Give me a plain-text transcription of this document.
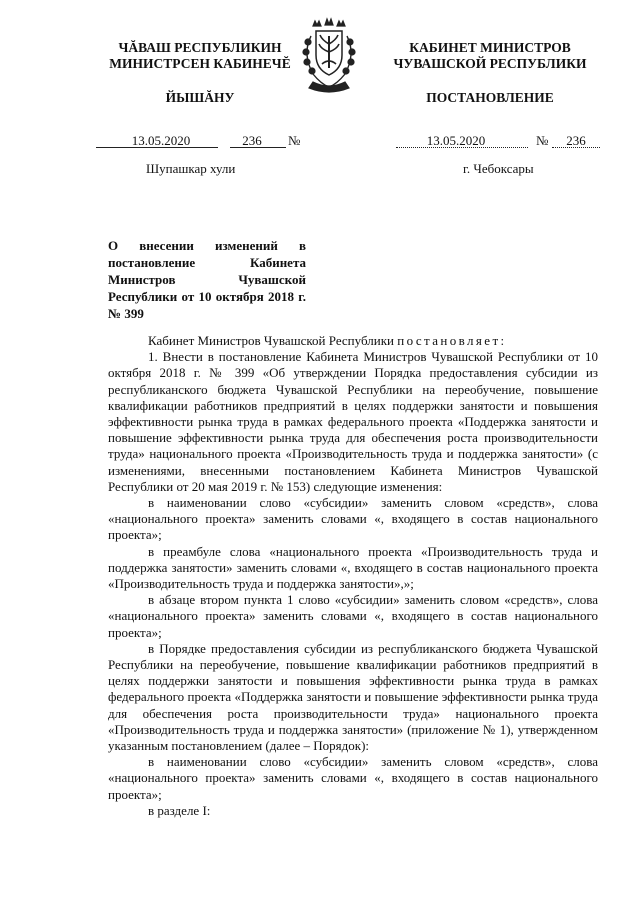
ЧĂВАШ РЕСПУБЛИКИН
МИНИСТРСЕН КАБИНЕЧĔ
ЙЫШĂНУ
КАБИНЕТ МИНИСТРОВ
ЧУВАШСКОЙ РЕСПУБЛИКИ
ПОСТАНОВЛЕНИЕ
13.05.2020	236	№	13.05.2020	№	236
Шупашкар хули	г. Чебоксары
О внесении изменений в постановление Кабинета Министров Чувашской Республики от 10 октября 2018 г. № 399

Кабинет Министров Чувашской Республики постановляет:

1. Внести в постановление Кабинета Министров Чувашской Республики от 10 октября 2018 г. № 399 «Об утверждении Порядка предоставления субсидии из республиканского бюджета Чувашской Республики на переобучение, повышение квалификации работников предприятий в целях поддержки занятости и повышения эффективности рынка труда в рамках федерального проекта «Поддержка занятости и повышение эффективности рынка труда для обеспечения роста производительности труда» национального проекта «Производительность труда и поддержка занятости» (с изменениями, внесенными постановлением Кабинета Министров Чувашской Республики от 20 мая 2019 г. № 153) следующие изменения:

в наименовании слово «субсидии» заменить словом «средств», слова «национального проекта» заменить словами «, входящего в состав национального проекта»;

в преамбуле слова «национального проекта «Производительность труда и поддержка занятости» заменить словами «, входящего в состав национального проекта «Производительность труда и поддержка занятости»,»;

в абзаце втором пункта 1 слово «субсидии» заменить словом «средств», слова «национального проекта» заменить словами «, входящего в состав национального проекта»;

в Порядке предоставления субсидии из республиканского бюджета Чувашской Республики на переобучение, повышение квалификации работников предприятий в целях поддержки занятости и повышения эффективности рынка труда в рамках федерального проекта «Поддержка занятости и повышение эффективности рынка труда для обеспечения роста производительности труда» национального проекта «Производительность труда и поддержка занятости» (приложение № 1), утвержденном указанным постановлением (далее – Порядок):

в наименовании слово «субсидии» заменить словом «средств», слова «национального проекта» заменить словами «, входящего в состав национального проекта»;

в разделе I:
